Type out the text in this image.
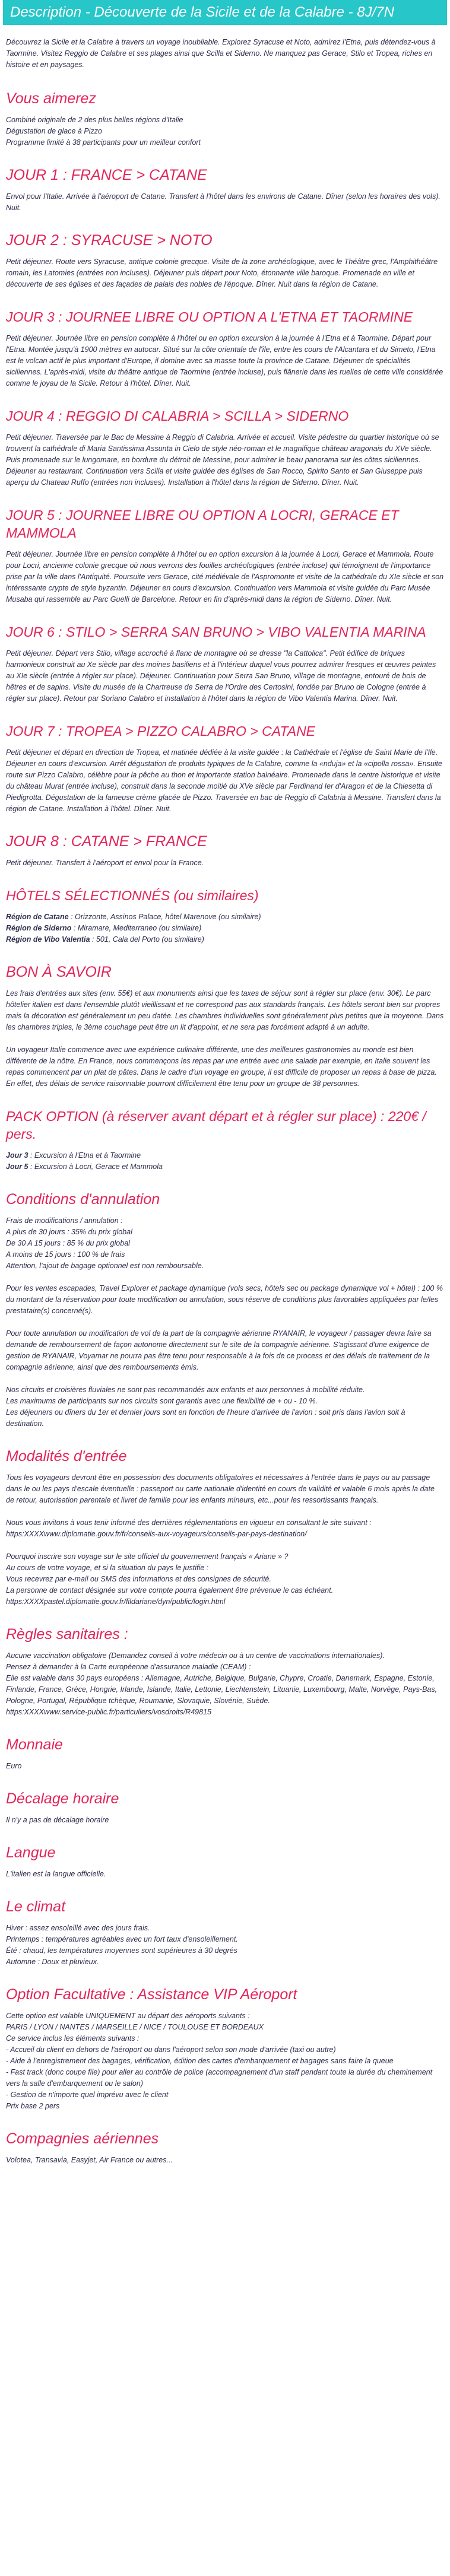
Description - Découverte de la Sicile et de la Calabre - 8J/7N

Découvrez la Sicile et la Calabre à travers un voyage inoubliable. Explorez Syracuse et Noto, admirez l'Etna, puis détendez-vous à Taormine. Visitez Reggio de Calabre et ses plages ainsi que Scilla et Siderno. Ne manquez pas Gerace, Stilo et Tropea, riches en histoire et en paysages.

Vous aimerez

Combiné originale de 2 des plus belles régions d'Italie

Dégustation de glace à Pizzo

Programme limité à 38 participants pour un meilleur confort

JOUR 1 : FRANCE > CATANE

Envol pour l'Italie. Arrivée à l'aéroport de Catane. Transfert à l'hôtel dans les environs de Catane. Dîner (selon les horaires des vols). Nuit.

JOUR 2 : SYRACUSE > NOTO

Petit déjeuner. Route vers Syracuse, antique colonie grecque. Visite de la zone archéologique, avec le Théâtre grec, l'Amphithéâtre romain, les Latomies (entrées non incluses). Déjeuner puis départ pour Noto, étonnante ville baroque. Promenade en ville et découverte de ses églises et des façades de palais des nobles de l'époque. Dîner. Nuit dans la région de Catane.

JOUR 3 : JOURNEE LIBRE OU OPTION A L'ETNA ET TAORMINE

Petit déjeuner. Journée libre en pension complète à l'hôtel ou en option excursion à la journée à l'Etna et à Taormine. Départ pour l'Etna. Montée jusqu'à 1900 mètres en autocar. Situé sur la côte orientale de l'île, entre les cours de l'Alcantara et du Simeto, l'Etna est le volcan actif le plus important d'Europe, il domine avec sa masse toute la province de Catane. Déjeuner de spécialités siciliennes. L'après-midi, visite du théâtre antique de Taormine (entrée incluse), puis flânerie dans les ruelles de cette ville considérée comme le joyau de la Sicile. Retour à l'hôtel. Dîner. Nuit.

JOUR 4 : REGGIO DI CALABRIA > SCILLA > SIDERNO

Petit déjeuner. Traversée par le Bac de Messine à Reggio di Calabria. Arrivée et accueil. Visite pédestre du quartier historique où se trouvent la cathédrale di Maria Santissima Assunta in Cielo de style néo-roman et le magnifique château aragonais du XVe siècle. Puis promenade sur le lungomare, en bordure du détroit de Messine, pour admirer le beau panorama sur les côtes siciliennes. Déjeuner au restaurant. Continuation vers Scilla et visite guidée des églises de San Rocco, Spirito Santo et San Giuseppe puis aperçu du Chateau Ruffo (entrées non incluses). Installation à l'hôtel dans la région de Siderno. Dîner. Nuit.

JOUR 5 : JOURNEE LIBRE OU OPTION A LOCRI, GERACE ET MAMMOLA

Petit déjeuner. Journée libre en pension complète à l'hôtel ou en option excursion à la journée à Locri, Gerace et Mammola. Route pour Locri, ancienne colonie grecque où nous verrons des fouilles archéologiques (entrée incluse) qui témoignent de l'importance prise par la ville dans l'Antiquité. Poursuite vers Gerace, cité médiévale de l'Aspromonte et visite de la cathédrale du XIe siècle et son intéressante crypte de style byzantin. Déjeuner en cours d'excursion. Continuation vers Mammola et visite guidée du Parc Musée Musaba qui rassemble au Parc Guelli de Barcelone. Retour en fin d'après-midi dans la région de Siderno. Dîner. Nuit.

JOUR 6 : STILO > SERRA SAN BRUNO > VIBO VALENTIA MARINA

Petit déjeuner. Départ vers Stilo, village accroché à flanc de montagne où se dresse "la Cattolica". Petit édifice de briques harmonieux construit au Xe siècle par des moines basiliens et à l'intérieur duquel vous pourrez admirer fresques et œuvres peintes au XIe siècle (entrée à régler sur place). Déjeuner. Continuation pour Serra San Bruno, village de montagne, entouré de bois de hêtres et de sapins. Visite du musée de la Chartreuse de Serra de l'Ordre des Certosini, fondée par Bruno de Cologne (entrée à régler sur place). Retour par Soriano Calabro et installation à l'hôtel dans la région de Vibo Valentia Marina. Dîner. Nuit.

JOUR 7 : TROPEA > PIZZO CALABRO > CATANE

Petit déjeuner et départ en direction de Tropea, et matinée dédiée à la visite guidée : la Cathédrale et l'église de Saint Marie de l'Ile. Déjeuner en cours d'excursion. Arrêt dégustation de produits typiques de la Calabre, comme la «nduja» et la «cipolla rossa». Ensuite route sur Pizzo Calabro, célèbre pour la pêche au thon et importante station balnéaire. Promenade dans le centre historique et visite du château Murat (entrée incluse), construit dans la seconde moitié du XVe siècle par Ferdinand Ier d'Aragon et de la Chiesetta di Piedigrotta. Dégustation de la fameuse crème glacée de Pizzo. Traversée en bac de Reggio di Calabria à Messine. Transfert dans la région de Catane. Installation à l'hôtel. Dîner. Nuit.

JOUR 8 : CATANE > FRANCE

Petit déjeuner. Transfert à l'aéroport et envol pour la France.

HÔTELS SÉLECTIONNÉS (ou similaires)

Région de Catane : Orizzonte, Assinos Palace, hôtel Marenove (ou similaire)

Région de Siderno : Miramare, Mediterraneo (ou similaire)

Région de Vibo Valentia : 501, Cala del Porto (ou similaire)

BON À SAVOIR

Les frais d'entrées aux sites (env. 55€) et aux monuments ainsi que les taxes de séjour sont à régler sur place (env. 30€). Le parc hôtelier italien est dans l'ensemble plutôt vieillissant et ne correspond pas aux standards français. Les hôtels seront bien sur propres mais la décoration est généralement un peu datée. Les chambres individuelles sont généralement plus petites que la moyenne. Dans les chambres triples, le 3ème couchage peut être un lit d'appoint, et ne sera pas forcément adapté à un adulte.

Un voyageur Italie commence avec une expérience culinaire différente, une des meilleures gastronomies au monde est bien différente de la nôtre. En France, nous commençons les repas par une entrée avec une salade par exemple, en Italie souvent les repas commencent par un plat de pâtes. Dans le cadre d'un voyage en groupe, il est difficile de proposer un repas à base de pizza. En effet, des délais de service raisonnable pourront difficilement être tenu pour un groupe de 38 personnes.

PACK OPTION (à réserver avant départ et à régler sur place) : 220€ / pers.

Jour 3 : Excursion à l'Etna et à Taormine

Jour 5 : Excursion à Locri, Gerace et Mammola

Conditions d'annulation

Frais de modifications / annulation :
A plus de 30 jours : 35% du prix global
De 30 A 15 jours : 85 % du prix global
A moins de 15 jours : 100 % de frais
Attention, l'ajout de bagage optionnel est non remboursable.

Pour les ventes escapades, Travel Explorer et package dynamique (vols secs, hôtels sec ou package dynamique vol + hôtel) : 100 % du montant de la réservation pour toute modification ou annulation, sous réserve de conditions plus favorables appliquées par le/les prestataire(s) concerné(s).

Pour toute annulation ou modification de vol de la part de la compagnie aérienne RYANAIR, le voyageur / passager devra faire sa demande de remboursement de façon autonome directement sur le site de la compagnie aérienne. S'agissant d'une exigence de gestion de RYANAIR, Voyamar ne pourra pas être tenu pour responsable à la fois de ce process et des délais de traitement de la compagnie aérienne, ainsi que des remboursements émis.

Nos circuits et croisières fluviales ne sont pas recommandés aux enfants et aux personnes à mobilité réduite.
Les maximums de participants sur nos circuits sont garantis avec une flexibilité de + ou - 10 %.
Les déjeuners ou dîners du 1er et dernier jours sont en fonction de l'heure d'arrivée de l'avion : soit pris dans l'avion soit à destination.

Modalités d'entrée

Tous les voyageurs devront être en possession des documents obligatoires et nécessaires à l'entrée dans le pays ou au passage dans le ou les pays d'escale éventuelle : passeport ou carte nationale d'identité en cours de validité et valable 6 mois après la date de retour, autorisation parentale et livret de famille pour les enfants mineurs, etc...pour les ressortissants français.

Nous vous invitons à vous tenir informé des dernières réglementations en vigueur en consultant le site suivant : https:XXXXwww.diplomatie.gouv.fr/fr/conseils-aux-voyageurs/conseils-par-pays-destination/

Pourquoi inscrire son voyage sur le site officiel du gouvernement français « Ariane » ?
Au cours de votre voyage, et si la situation du pays le justifie :
Vous recevrez par e-mail ou SMS des informations et des consignes de sécurité.
La personne de contact désignée sur votre compte pourra également être prévenue le cas échéant.
https:XXXXpastel.diplomatie.gouv.fr/fildariane/dyn/public/login.html

Règles sanitaires :

Aucune vaccination obligatoire (Demandez conseil à votre médecin ou à un centre de vaccinations internationales).
Pensez à demander à la Carte européenne d'assurance maladie (CEAM) :
Elle est valable dans 30 pays européens : Allemagne, Autriche, Belgique, Bulgarie, Chypre, Croatie, Danemark, Espagne, Estonie, Finlande, France, Grèce, Hongrie, Irlande, Islande, Italie, Lettonie, Liechtenstein, Lituanie, Luxembourg, Malte, Norvège, Pays-Bas, Pologne, Portugal, République tchèque, Roumanie, Slovaquie, Slovénie, Suède.
https:XXXXwww.service-public.fr/particuliers/vosdroits/R49815

Monnaie

Euro

Décalage horaire

Il n'y a pas de décalage horaire

Langue

L'italien est la langue officielle.

Le climat

Hiver : assez ensoleillé avec des jours frais.
Printemps : températures agréables avec un fort taux d'ensoleillement.
Été : chaud, les températures moyennes sont supérieures à 30 degrés
Automne : Doux et pluvieux.

Option Facultative : Assistance VIP Aéroport

Cette option est valable UNIQUEMENT au départ des aéroports suivants :
PARIS / LYON / NANTES / MARSEILLE / NICE / TOULOUSE ET BORDEAUX
Ce service inclus les éléments suivants :
- Accueil du client en dehors de l'aéroport ou dans l'aéroport selon son mode d'arrivée (taxi ou autre)
- Aide à l'enregistrement des bagages, vérification, édition des cartes d'embarquement et bagages sans faire la queue
- Fast track (donc coupe file) pour aller au contrôle de police (accompagnement d'un staff pendant toute la durée du cheminement vers la salle d'embarquement ou le salon)
- Gestion de n'importe quel imprévu avec le client
Prix base 2 pers

Compagnies aériennes

Volotea, Transavia, Easyjet, Air France ou autres...
